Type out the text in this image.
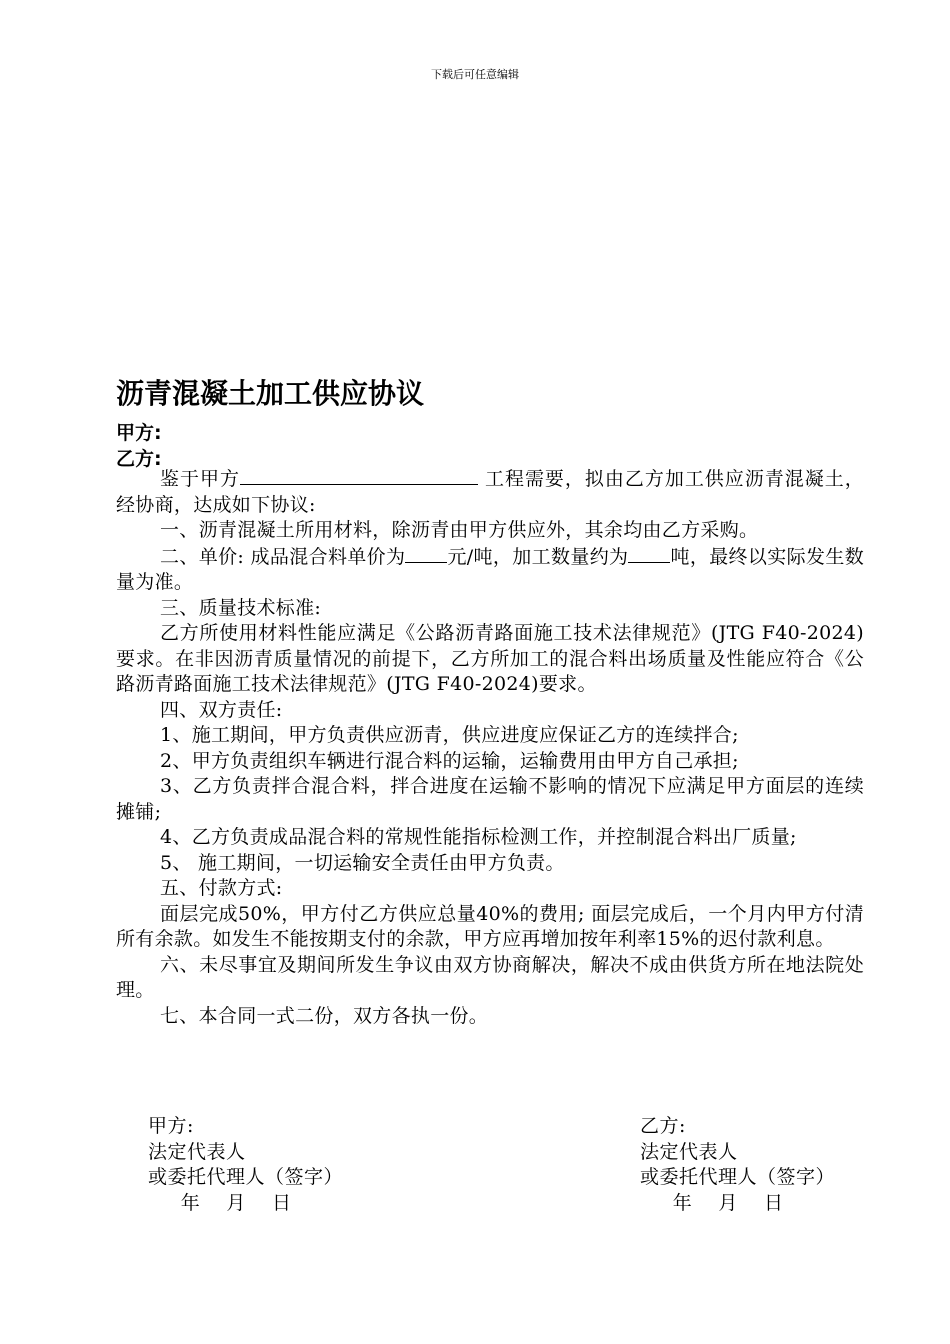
下载后可任意编辑
沥青混凝土加工供应协议
甲方:
乙方:

鉴于甲方	工程需要，拟由乙方加工供应沥青混凝土，经协商，达成如下协议:

一、沥青混凝土所用材料，除沥青由甲方供应外，其余均由乙方采购。

二、单价: 成品混合料单价为 元/吨，加工数量约为 吨，最终以实际发生数量为准。

三、质量技术标准:

乙方所使用材料性能应满足《公路沥青路面施工技术法律规范》(JTG F40-2024)要求。在非因沥青质量情况的前提下，乙方所加工的混合料出场质量及性能应符合《公路沥青路面施工技术法律规范》(JTG F40-2024)要求。

四、双方责任:

1、施工期间，甲方负责供应沥青，供应进度应保证乙方的连续拌合;

2、甲方负责组织车辆进行混合料的运输，运输费用由甲方自己承担;

3、乙方负责拌合混合料，拌合进度在运输不影响的情况下应满足甲方面层的连续摊铺;

4、乙方负责成品混合料的常规性能指标检测工作，并控制混合料出厂质量;

5、 施工期间，一切运输安全责任由甲方负责。

五、付款方式:

面层完成50%，甲方付乙方供应总量40%的费用; 面层完成后，一个月内甲方付清所有余款。如发生不能按期支付的余款，甲方应再增加按年利率15%的迟付款利息。

六、未尽事宜及期间所发生争议由双方协商解决，解决不成由供货方所在地法院处理。

七、本合同一式二份，双方各执一份。

甲方:
法定代表人
或委托代理人（签字）
年    月    日
乙方:
法定代表人
或委托代理人（签字）
年    月    日
